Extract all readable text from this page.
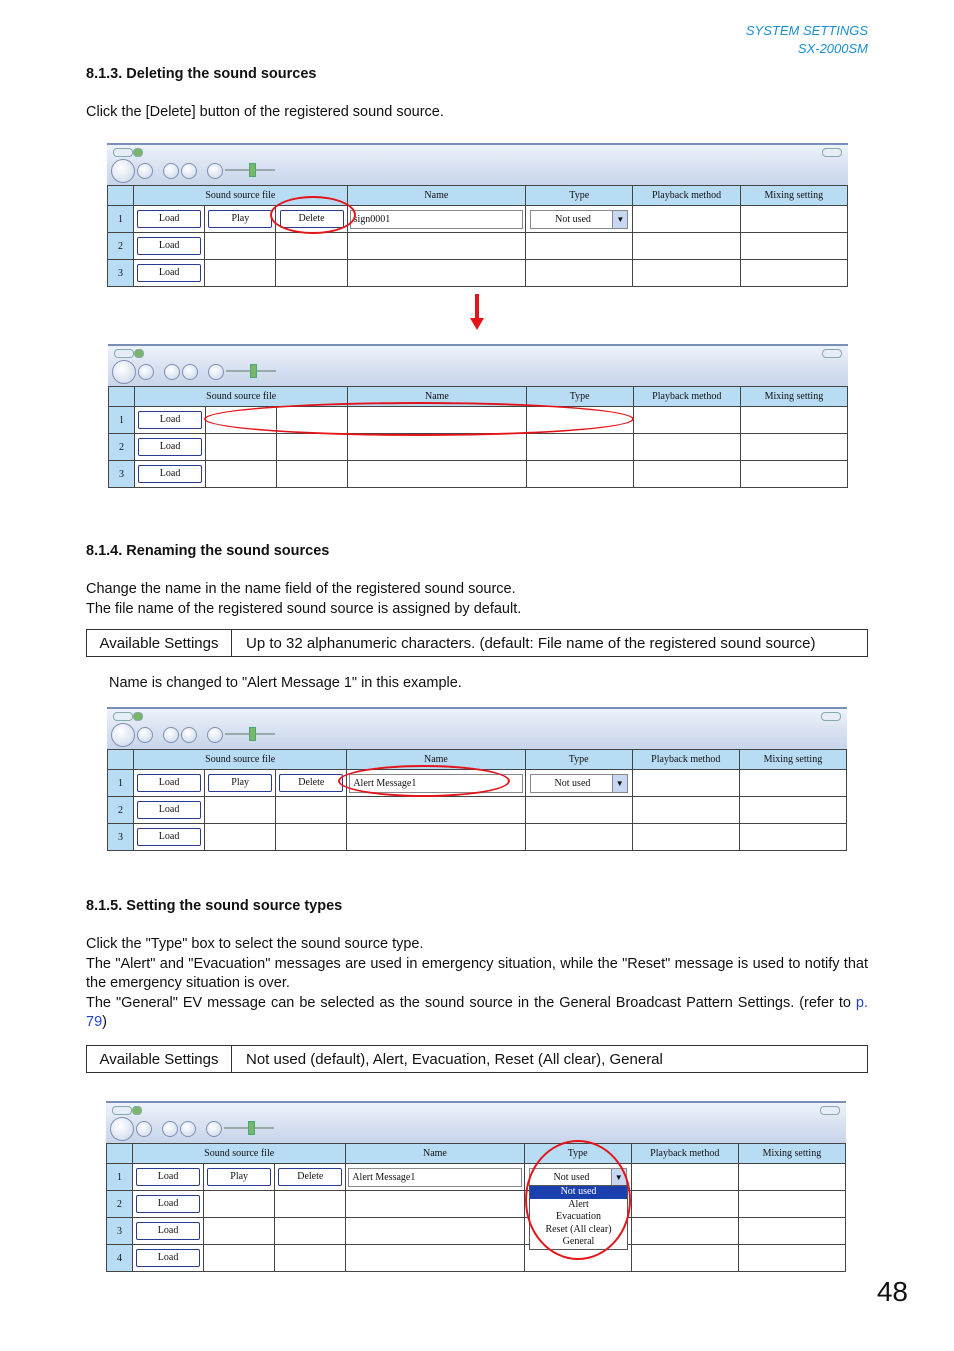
SYSTEM SETTINGS
SX-2000SM
8.1.3. Deleting the sound sources
Click the [Delete] button of the registered sound source.
	Sound source file			Name	Type	Playback method	Mixing setting
1	Load	Play	Delete	sign0001	Not used ▼		

2	Load						
3	Load						
	Sound source file			Name	Type	Playback method	Mixing setting
1	Load						
2	Load						
3	Load						
8.1.4. Renaming the sound sources
Change the name in the name field of the registered sound source.
The file name of the registered sound source is assigned by default.
Available Settings	Up to 32 alphanumeric characters. (default: File name of the registered sound source)
Name is changed to "Alert Message 1" in this example.
	Sound source file			Name	Type	Playback method	Mixing setting
1	Load	Play	Delete	Alert Message1	Not used ▼		

2	Load						
3	Load						
8.1.5. Setting the sound source types
Click the "Type" box to select the sound source type.
The "Alert" and "Evacuation" messages are used in emergency situation, while the "Reset" message is used to notify that the emergency situation is over.
The "General" EV message can be selected as the sound source in the General Broadcast Pattern Settings. (refer to p. 79)
Available Settings	Not used (default), Alert, Evacuation, Reset (All clear), General
	Sound source file			Name	Type	Playback method	Mixing setting
1	Load	Play	Delete	Alert Message1	Not used ▼		

2	Load						
3	Load						
4	Load						
Not used
Alert
Evacuation
Reset (All clear)
General
48
